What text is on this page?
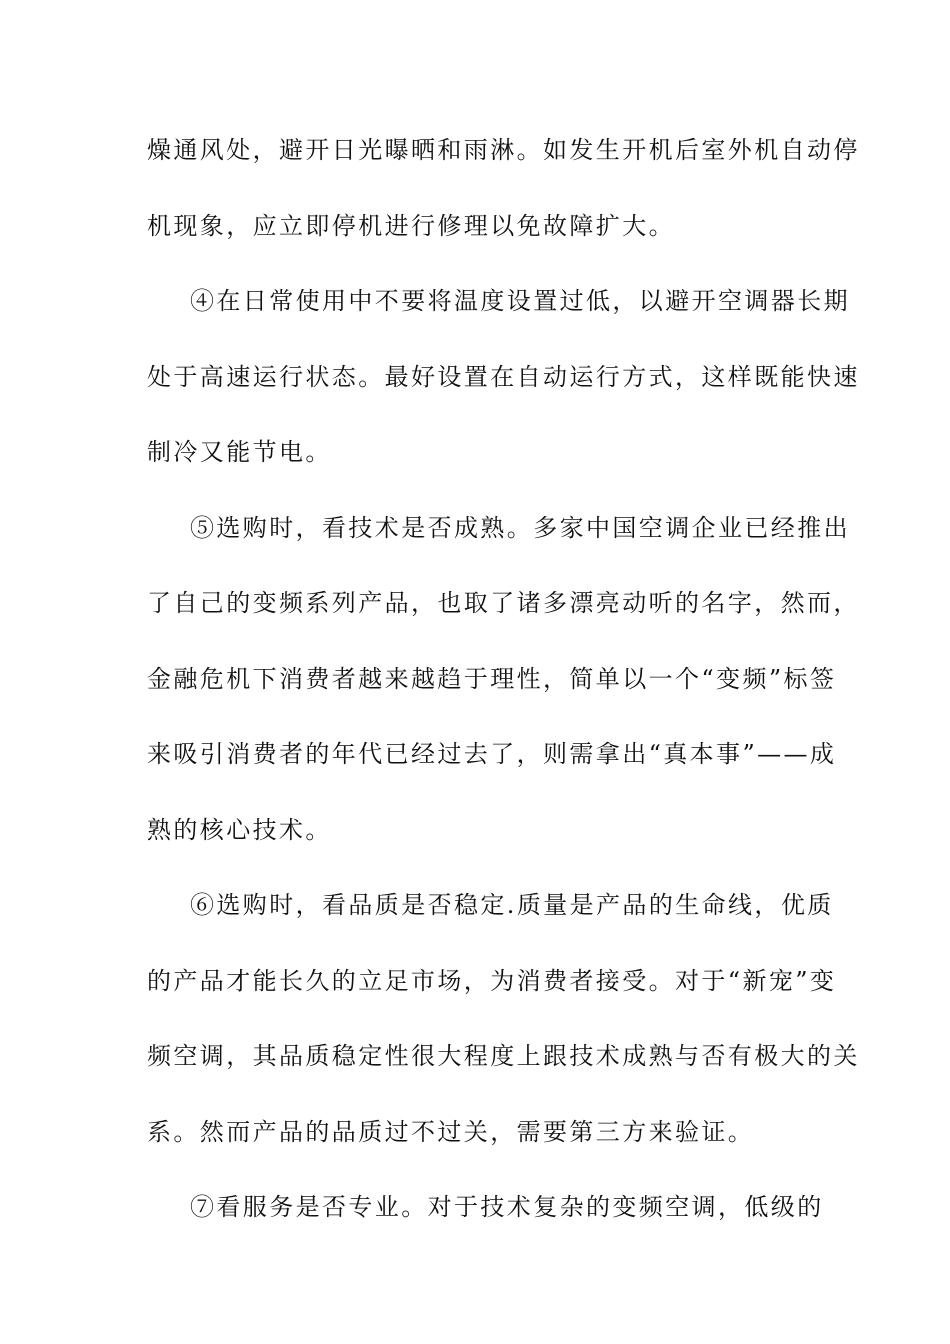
燥通风处，避开日光曝晒和雨淋。如发生开机后室外机自动停
机现象，应立即停机进行修理以免故障扩大。
④在日常使用中不要将温度设置过低，以避开空调器长期
处于高速运行状态。最好设置在自动运行方式，这样既能快速
制冷又能节电。
⑤选购时，看技术是否成熟。多家中国空调企业已经推出
了自己的变频系列产品，也取了诸多漂亮动听的名字，然而，
金融危机下消费者越来越趋于理性，简单以一个“变频”标签
来吸引消费者的年代已经过去了，则需拿出“真本事”——成
熟的核心技术。
⑥选购时，看品质是否稳定.质量是产品的生命线，优质
的产品才能长久的立足市场，为消费者接受。对于“新宠”变
频空调，其品质稳定性很大程度上跟技术成熟与否有极大的关
系。然而产品的品质过不过关，需要第三方来验证。
⑦看服务是否专业。对于技术复杂的变频空调，低级的
